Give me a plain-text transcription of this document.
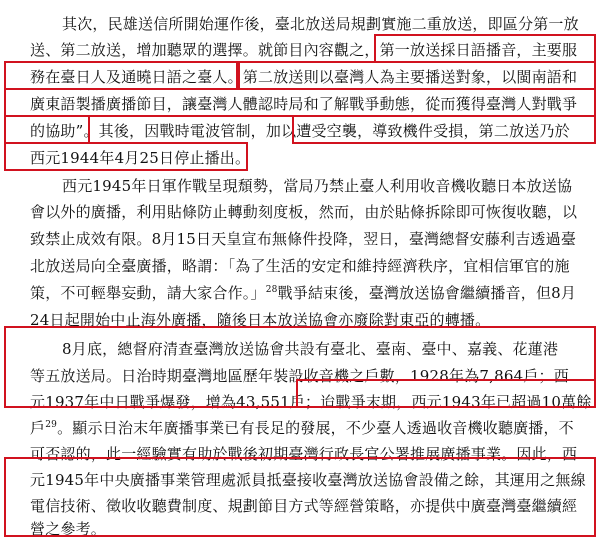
其次，民雄送信所開始運作後，臺北放送局規劃實施二重放送，即區分第一放
送、第二放送，增加聽眾的選擇。就節目內容觀之，第一放送採日語播音，主要服
務在臺日人及通曉日語之臺人。第二放送則以臺灣人為主要播送對象，以閩南語和
廣東語製播廣播節目，讓臺灣人體認時局和了解戰爭動態，從而獲得臺灣人對戰爭
的協助”。其後，因戰時電波管制，加以遭受空襲，導致機件受損，第二放送乃於
西元1944年4月25日停止播出。
西元1945年日軍作戰呈現頹勢，當局乃禁止臺人利用收音機收聽日本放送協
會以外的廣播，利用貼條防止轉動刻度板，然而，由於貼條拆除即可恢復收聽，以
致禁止成效有限。8月15日天皇宣布無條件投降，翌日，臺灣總督安藤利吉透過臺
北放送局向全臺廣播，略謂：「為了生活的安定和維持經濟秩序，宜相信軍官的施
策，不可輕舉妄動，請大家合作。」$^{28}$戰爭結束後，臺灣放送協會繼續播音，但8月
24日起開始中止海外廣播，隨後日本放送協會亦廢除對東亞的轉播。
8月底，總督府清查臺灣放送協會共設有臺北、臺南、臺中、嘉義、花蓮港
等五放送局。日治時期臺灣地區歷年裝設收音機之戶數，1928年為7,864戶；西
元1937年中日戰爭爆發，增為43,551戶；迨戰爭末期，西元1943年已超過10萬餘
戶$^{29}$。顯示日治末年廣播事業已有長足的發展，不少臺人透過收音機收聽廣播，不
可否認的，此一經驗實有助於戰後初期臺灣行政長官公署推展廣播事業。因此，西
元1945年中央廣播事業管理處派員抵臺接收臺灣放送協會設備之餘，其運用之無線
電信技術、徵收收聽費制度、規劃節目方式等經營策略，亦提供中廣臺灣臺繼續經
營之參考。
